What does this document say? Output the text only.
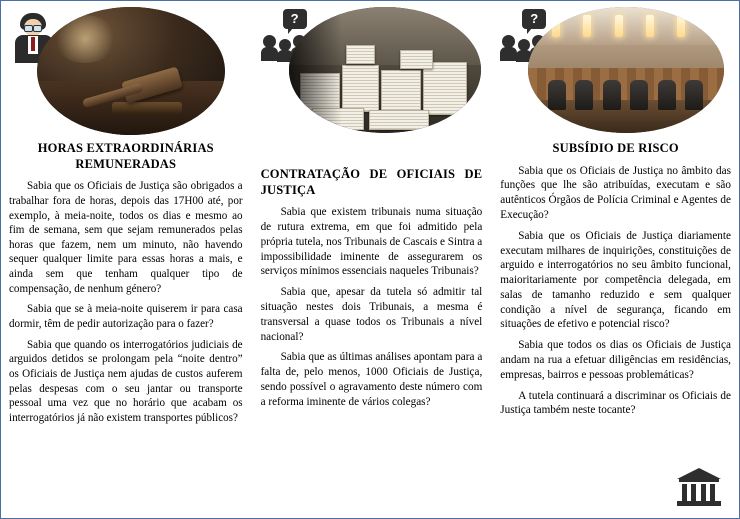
HORAS EXTRAORDINÁRIAS REMUNERADAS

Sabia que os Oficiais de Justiça são obrigados a trabalhar fora de horas, depois das 17H00 até, por exemplo, à meia-noite, todos os dias e mesmo ao fim de semana, sem que sejam remunerados pelas horas que fazem, nem um minuto, não havendo sequer qualquer limite para essas horas a mais, e ainda sem que tenham qualquer tipo de compensação, de nenhum género?

Sabia que se à meia-noite quiserem ir para casa dormir, têm de pedir autorização para o fazer?

Sabia que quando os interrogatórios judiciais de arguidos detidos se prolongam pela “noite dentro” os Oficiais de Justiça nem ajudas de custos auferem pelas despesas com o seu jantar ou transporte pessoal uma vez que no horário que acabam os interrogatórios já não existem transportes públicos?

CONTRATAÇÃO DE OFICIAIS DE JUSTIÇA

Sabia que existem tribunais numa situação de rutura extrema, em que foi admitido pela própria tutela, nos Tribunais de Cascais e Sintra a impossibilidade iminente de assegurarem os serviços mínimos essenciais naqueles Tribunais?

Sabia que, apesar da tutela só admitir tal situação nestes dois Tribunais, a mesma é transversal a quase todos os Tribunais a nível nacional?

Sabia que as últimas análises apontam para a falta de, pelo menos, 1000 Oficiais de Justiça, sendo possível o agravamento deste número com a reforma iminente de vários colegas?

SUBSÍDIO DE RISCO

Sabia que os Oficiais de Justiça no âmbito das funções que lhe são atribuídas, executam e são autênticos Órgãos de Polícia Criminal e Agentes de Execução?

Sabia que os Oficiais de Justiça diariamente executam milhares de inquirições, constituições de arguido e interrogatórios no seu âmbito funcional, maioritariamente por competência delegada, em salas de tamanho reduzido e sem qualquer condição a nível de segurança, ficando em situações de efetivo e potencial risco?

Sabia que todos os dias os Oficiais de Justiça andam na rua a efetuar diligências em residências, empresas, bairros e pessoas problemáticas?

A tutela continuará a discriminar os Oficiais de Justiça também neste tocante?
